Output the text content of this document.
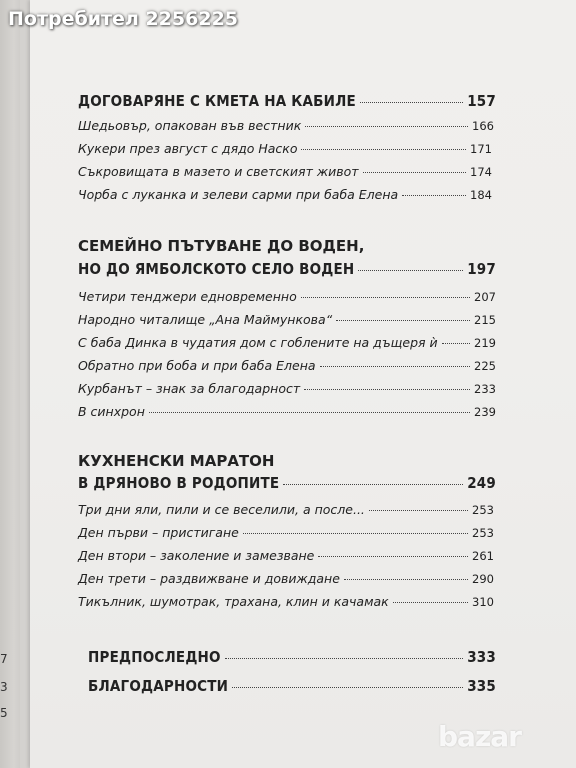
Потребител 2256225
7
3
5
ДОГОВАРЯНЕ С КМЕТА НА КАБИЛЕ	157
Шедьовър, опакован във вестник	166
Кукери през август с дядо Наско	171
Съкровищата в мазето и светският живот	174
Чорба с луканка и зелеви сарми при баба Елена	184
СЕМЕЙНО ПЪТУВАНЕ ДО ВОДЕН,
НО ДО ЯМБОЛСКОТО СЕЛО ВОДЕН	197
Четири тенджери едновременно	207
Народно читалище „Ана Маймункова“	215
С баба Динка в чудатия дом с гоблените на дъщеря ѝ	219
Обратно при боба и при баба Елена	225
Курбанът – знак за благодарност	233
В синхрон	239
КУХНЕНСКИ МАРАТОН
В ДРЯНОВО В РОДОПИТЕ	249
Три дни яли, пили и се веселили, а после...	253
Ден първи – пристигане	253
Ден втори – заколение и замезване	261
Ден трети – раздвижване и довиждане	290
Тикълник, шумотрак, трахана, клин и качамак	310
ПРЕДПОСЛЕДНО	333
БЛАГОДАРНОСТИ	335
bazar
